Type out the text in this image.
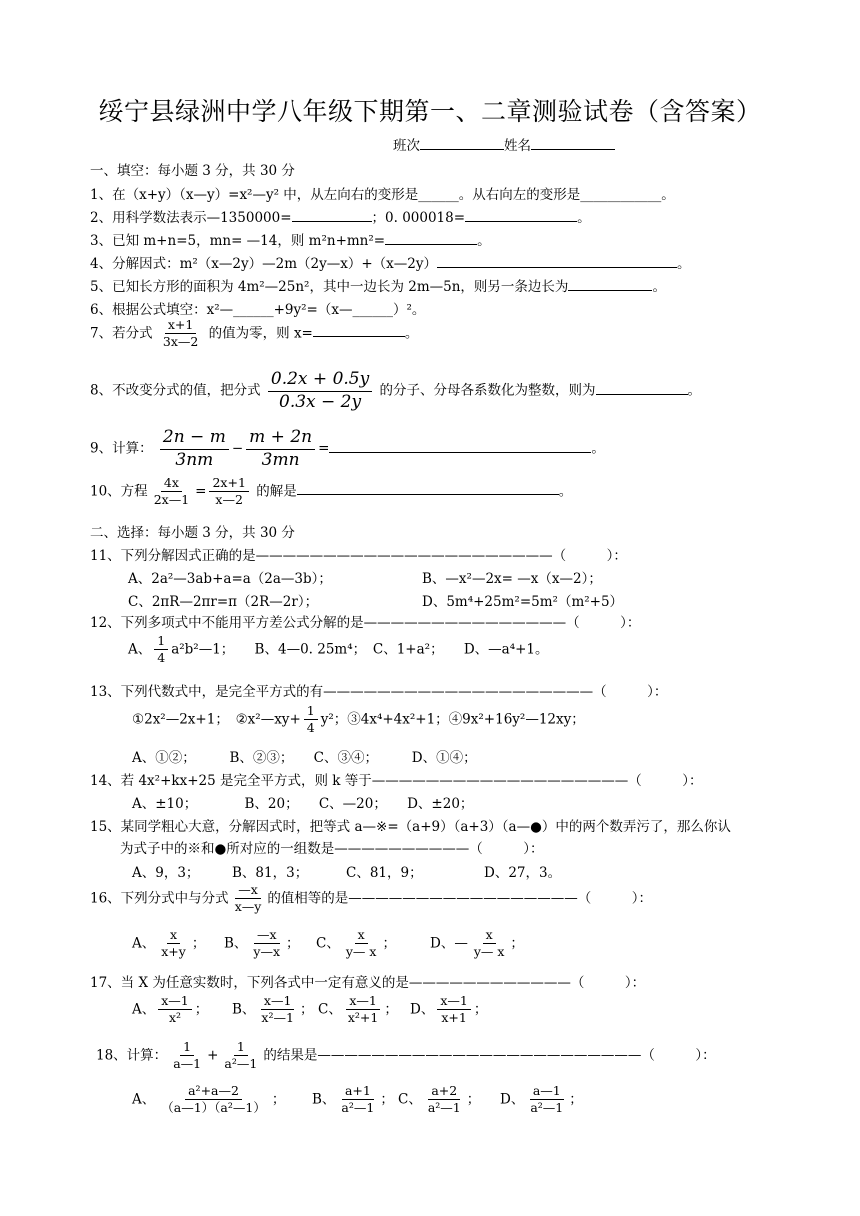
绥宁县绿洲中学八年级下期第一、二章测验试卷（含答案）
班次	姓名
一、填空：每小题 3 分，共 30 分
1、在（x+y）（x—y）=x²—y² 中，从左向右的变形是______。从右向左的变形是____________。
2、用科学数法表示—1350000=	；0. 000018=	。
3、已知 m+n=5，mn= —14，则 m²n+mn²=	。
4、分解因式：m²（x—2y）—2m（2y—x）+（x—2y）	。
5、已知长方形的面积为 4m²—25n²，其中一边长为 2m—5n，则另一条边长为	。
6、根据公式填空：x²—______+9y²=（x—______）²。
7、若分式 $\frac{x+1}{3x—2}$ 的值为零，则 x=	。
8、不改变分式的值，把分式 $\frac{0.2x + 0.5y}{0.3x - 2y}$ 的分子、分母各系数化为整数，则为	。
9、计算： $\frac{2n - m}{3nm} - \frac{m + 2n}{3mn}$ =	。
10、方程 $\frac{4x}{2x—1} = \frac{2x+1}{x—2}$ 的解是	。
二、选择：每小题 3 分，共 30 分
11、下列分解因式正确的是——————————————————————（　　　）：
A、2a²—3ab+a=a（2a—3b）；	B、—x²—2x= —x（x—2）；
C、2πR—2πr=π（2R—2r）；	D、5m⁴+25m²=5m²（m²+5）
12、下列多项式中不能用平方差公式分解的是———————————————（　　　）：
A、 $\frac{1}{4}$ a²b²—1；　　B、4—0. 25m⁴；　C、1+a²；　　D、—a⁴+1。
13、下列代数式中，是完全平方式的有————————————————————（　　　）：
①2x²—2x+1；　②x²—xy+ $\frac{1}{4} y^2$；③4x⁴+4x²+1；④9x²+16y²—12xy；
A、①②；　　　B、②③；　　C、③④；　　　D、①④；
14、若 4x²+kx+25 是完全平方式，则 k 等于———————————————————（　　　）：
A、±10；　　　　B、20；　　C、—20；　　D、±20；
15、某同学粗心大意，分解因式时，把等式 a—※=（a+9）（a+3）（a—●）中的两个数弄污了，那么你认
为式子中的※和●所对应的一组数是——————————（　　　）：
A、9，3； B、81，3；	C、81，9；	D、27，3。
16、下列分式中与分式 $\frac{—x}{x—y}$ 的值相等的是—————————————————（　　　）：
A、 $\frac{x}{x+y}$ ； B、 $\frac{—x}{y—x}$ ； C、 $\frac{x}{y— x}$ ；	D、— $\frac{x}{y— x}$ ；
17、当 X 为任意实数时，下列各式中一定有意义的是————————————（　　　）：
A、 $\frac{x—1}{\text{x²}}$ ； B、 $\frac{x—1}{\text{x²—1}}$ ； C、 $\frac{x—1}{\text{x²+1}}$ ； D、 $\frac{x—1}{x+1}$ ；
18、计算： $\frac{1}{a—1} + \frac{1}{\text{a²—1}}$ 的结果是————————————————————————（　　　）：
A、 $\frac{\text{a²+a—2}}{\text{（a—1）（a²—1）}}$ ； B、 $\frac{a+1}{\text{a²—1}}$ ； C、 $\frac{a+2}{\text{a²—1}}$ ； D、 $\frac{a—1}{\text{a²—1}}$ ；
